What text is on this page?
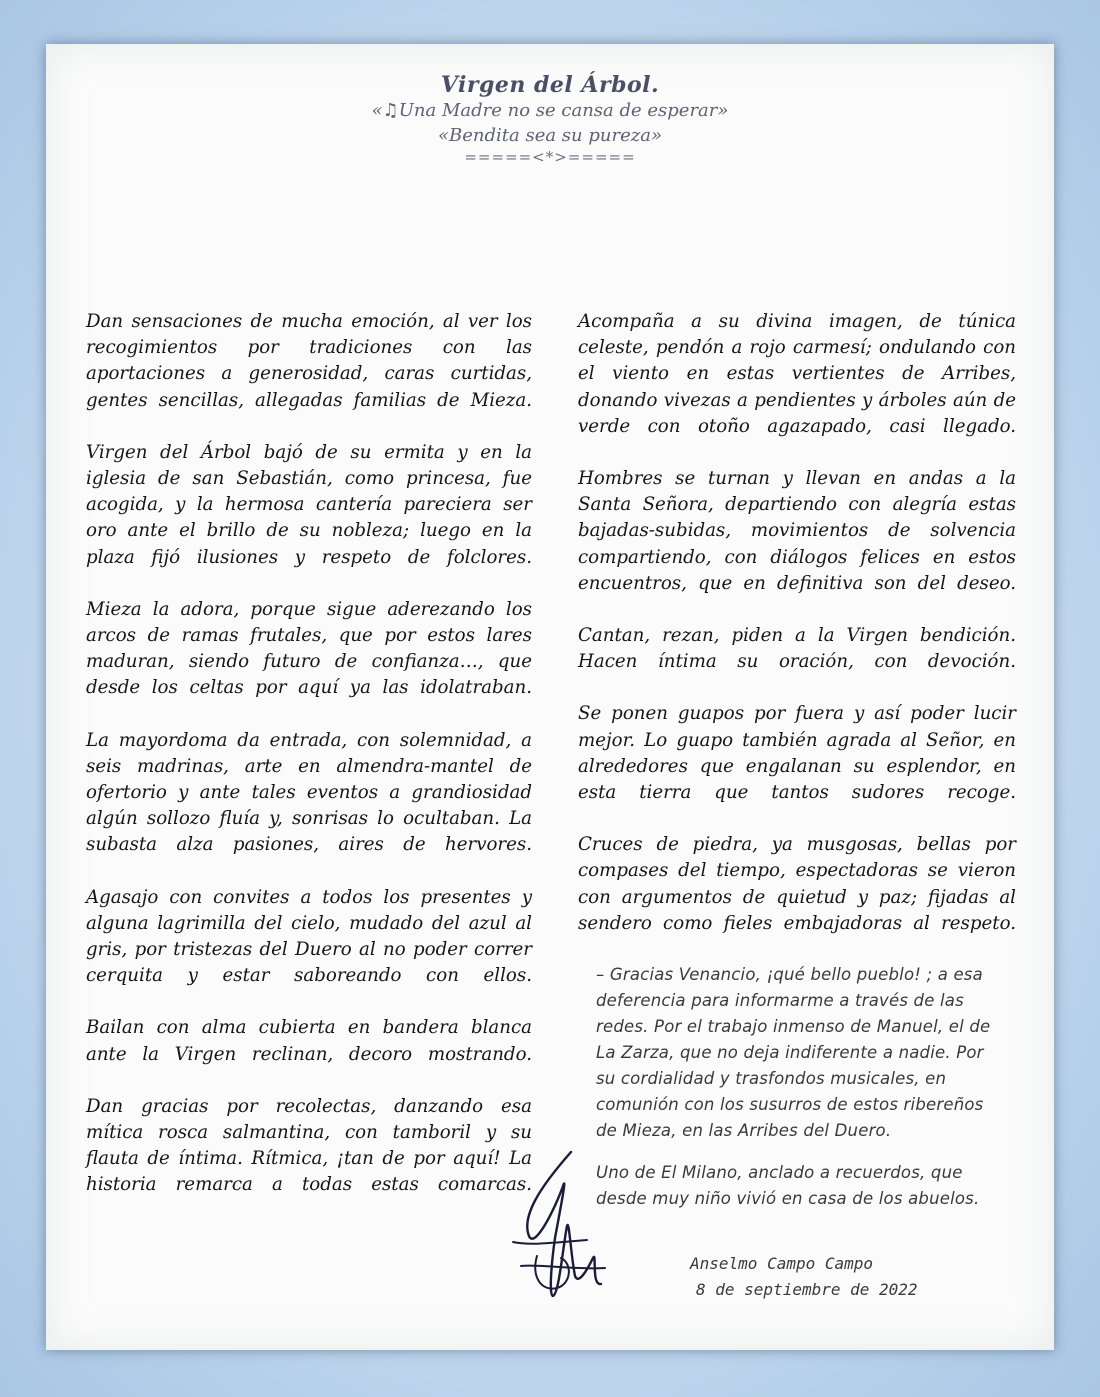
Virgen del Árbol.
«♫Una Madre no se cansa de esperar»
«Bendita sea su pureza»
=====<*>=====

Dan sensaciones de mucha emoción, al ver los recogimientos por tradiciones con las aportaciones a generosidad, caras curtidas, gentes sencillas, allegadas familias de Mieza.

Virgen del Árbol bajó de su ermita y en la iglesia de san Sebastián, como princesa, fue acogida, y la hermosa cantería pareciera ser oro ante el brillo de su nobleza; luego en la plaza fijó ilusiones y respeto de folclores.

Mieza la adora, porque sigue aderezando los arcos de ramas frutales, que por estos lares maduran, siendo futuro de confianza…, que desde los celtas por aquí ya las idolatraban.

La mayordoma da entrada, con solemnidad, a seis madrinas, arte en almendra-mantel de ofertorio y ante tales eventos a grandiosidad algún sollozo fluía y, sonrisas lo ocultaban. La subasta alza pasiones, aires de hervores.

Agasajo con convites a todos los presentes y alguna lagrimilla del cielo, mudado del azul al gris, por tristezas del Duero al no poder correr cerquita y estar saboreando con ellos.

Bailan con alma cubierta en bandera blanca ante la Virgen reclinan, decoro mostrando.

Dan gracias por recolectas, danzando esa mítica rosca salmantina, con tamboril y su flauta de íntima. Rítmica, ¡tan de por aquí! La historia remarca a todas estas comarcas.

Acompaña a su divina imagen, de túnica celeste, pendón a rojo carmesí; ondulando con el viento en estas vertientes de Arribes, donando vivezas a pendientes y árboles aún de verde con otoño agazapado, casi llegado.

Hombres se turnan y llevan en andas a la Santa Señora, departiendo con alegría estas bajadas-subidas, movimientos de solvencia compartiendo, con diálogos felices en estos encuentros, que en definitiva son del deseo.

Cantan, rezan, piden a la Virgen bendición. Hacen íntima su oración, con devoción.

Se ponen guapos por fuera y así poder lucir mejor. Lo guapo también agrada al Señor, en alrededores que engalanan su esplendor, en esta tierra que tantos sudores recoge.

Cruces de piedra, ya musgosas, bellas por compases del tiempo, espectadoras se vieron con argumentos de quietud y paz; fijadas al sendero como fieles embajadoras al respeto.

– Gracias Venancio, ¡qué bello pueblo! ; a esa deferencia para informarme a través de las redes. Por el trabajo inmenso de Manuel, el de La Zarza, que no deja indiferente a nadie. Por su cordialidad y trasfondos musicales, en comunión con los susurros de estos ribereños de Mieza, en las Arribes del Duero.

Uno de El Milano, anclado a recuerdos, que desde muy niño vivió en casa de los abuelos.

Anselmo Campo Campo
8 de septiembre de 2022
